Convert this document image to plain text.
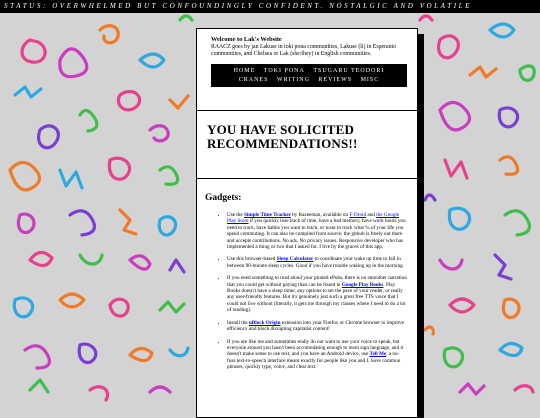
STATUS: OVERWHELMED BUT CONFOUNDINGLY CONFIDENT. NOSTALGIC AND VOLATILE
Welcome to Lak's Website
RAACZ goes by jan Lakuse in toki pona communities, Lakuse (li) in Esperanto communities, and Chelsea or Lak (she/they) in English communities.
HOME TOKI PONA TSUGARU TEODORI CRANES WRITING REVIEWS MISC
YOU HAVE SOLICITED RECOMMENDATIONS!!
Gadgets:
• Use the Simple Time Tracker by Razeeman, available on F-Droid and the Google Play Store if you quickly lose track of time, have a bad memory, have work hours you need to track, have habits you want to track, or want to track what % of your life you spend commuting. It can also be compiled from source; the github is freely out there and accepts contributions. No ads. No privacy issues. Responsive developer who has implemented a thing or two that I asked for. I live by the graces of this app.
• Use this browser-based Sleep Calculator to coordinate your wake up time to fall in between 90-minute sleep cycles. Good if you have trouble waking up in the morning.
• If you need something to read aloud your pirated ePubs, there is no smoother narration that you could get without paying than can be found in Google Play Books. Play Books doesn't have a sleep timer, any options to set the pace of your reader, or really any user-friendly features. But it's genuinely just such a great free TTS voice that I could not live without (literally, it gets me through my classes where I need to do a lot of reading).
• Install the uBlock Origin extension into your Firefox or Chrome browser to improve efficiency and block disrupting capitalist content!
• If you are like me and sometimes really do not want to use your voice to speak, but everyone around you hasn't been accomodating enough to learn sign language, and it doesn't make sense to use text, and you have an Android device, use Tell Me, a no-fuss text-to-speech interface meant exactly for people like you and I. Save common phrases, quickly type, voice, and clear text.
